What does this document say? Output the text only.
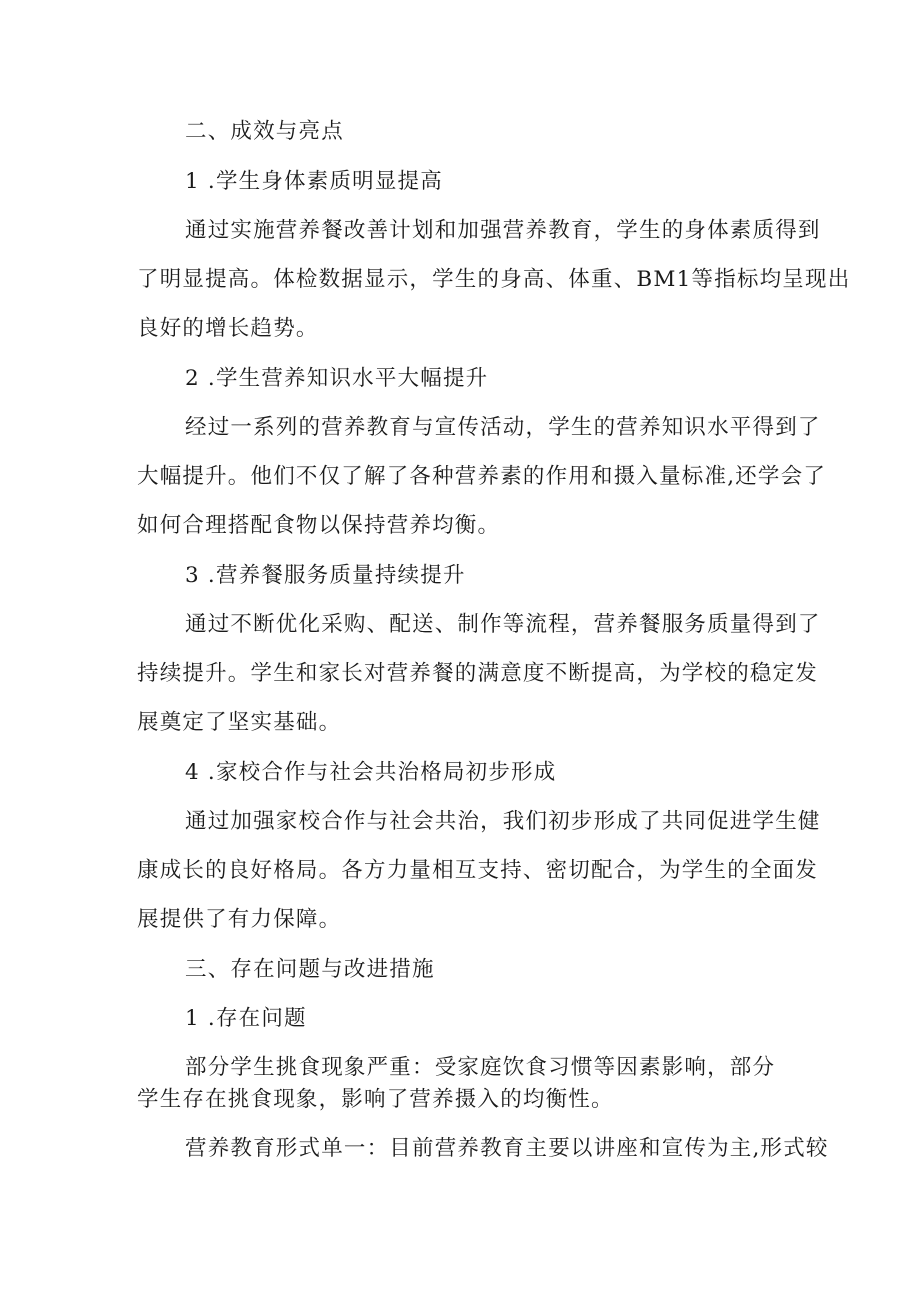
二、成效与亮点
1 .学生身体素质明显提高
通过实施营养餐改善计划和加强营养教育，学生的身体素质得到
了明显提高。体检数据显示，学生的身高、体重、BM1等指标均呈现出
良好的增长趋势。
2 .学生营养知识水平大幅提升
经过一系列的营养教育与宣传活动，学生的营养知识水平得到了
大幅提升。他们不仅了解了各种营养素的作用和摄入量标准,还学会了
如何合理搭配食物以保持营养均衡。
3 .营养餐服务质量持续提升
通过不断优化采购、配送、制作等流程，营养餐服务质量得到了
持续提升。学生和家长对营养餐的满意度不断提高，为学校的稳定发
展奠定了坚实基础。
4 .家校合作与社会共治格局初步形成
通过加强家校合作与社会共治，我们初步形成了共同促进学生健
康成长的良好格局。各方力量相互支持、密切配合，为学生的全面发
展提供了有力保障。
三、存在问题与改进措施
1 .存在问题
部分学生挑食现象严重：受家庭饮食习惯等因素影响，部分
学生存在挑食现象，影响了营养摄入的均衡性。
营养教育形式单一：目前营养教育主要以讲座和宣传为主,形式较
